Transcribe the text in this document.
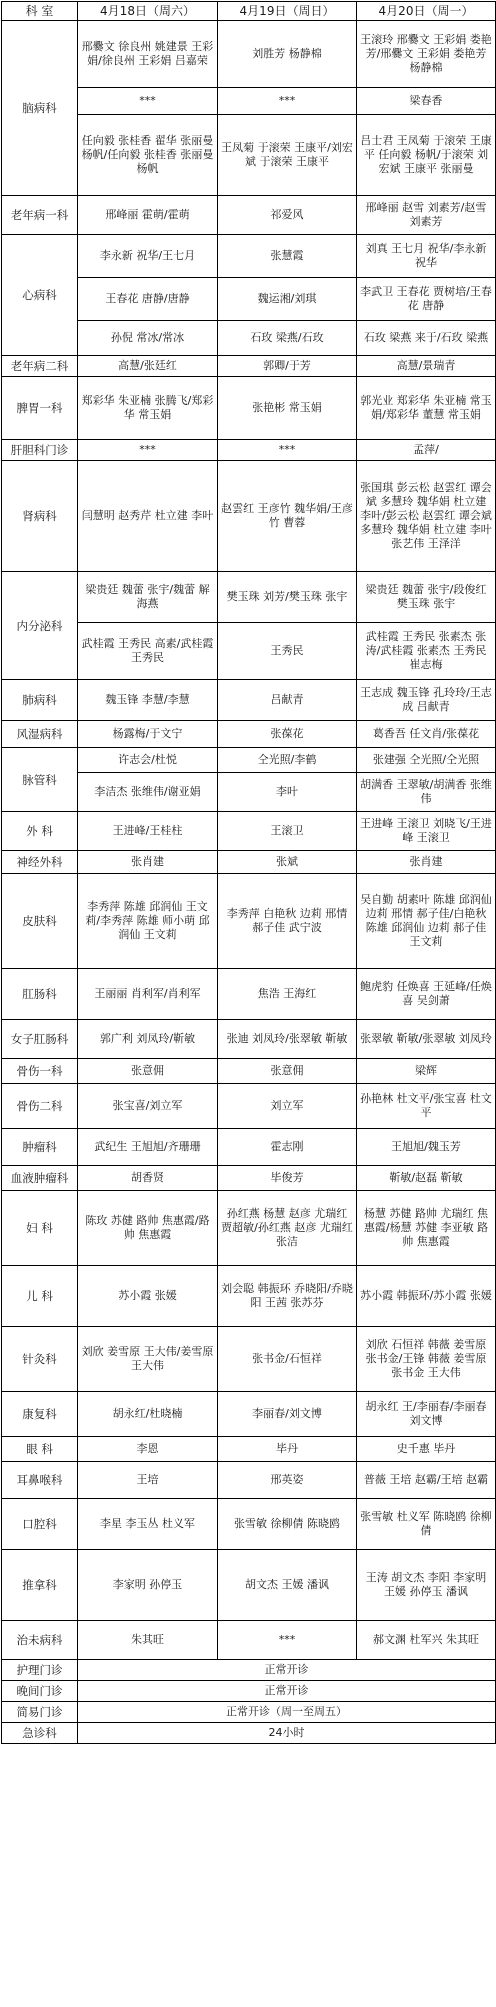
科 室	4月18日（周六）	4月19日（周日）	4月20日（周一）
脑病科	邢爨文 徐良州 姚建景 王彩娟/徐良州 王彩娟 吕嘉荣	刘胜芳 杨静棉	王滚玲 邢爨文 王彩娟 娄艳芳/邢爨文 王彩娟 娄艳芳 杨静棉
	***	***	梁春香
	任向毅 张桂香 翟华 张丽曼 杨帆/任向毅 张桂香 张丽曼 杨帆	王凤菊 于滚荣 王康平/刘宏斌 于滚荣 王康平	吕士君 王凤菊 于滚荣 王康平 任向毅 杨帆/于滚荣 刘宏斌 王康平 张丽曼
老年病一科	邢峰丽 霍萌/霍萌	祁爱风	邢峰丽 赵雪 刘素芳/赵雪 刘素芳
心病科	李永新 祝华/王七月	张慧霞	刘真 王七月 祝华/李永新 祝华
	王春花 唐静/唐静	魏运湘/刘琪	李武卫 王春花 贾树培/王春花 唐静
	孙倪 常冰/常冰	石玫 梁燕/石玫	石玫 梁燕 来于/石玫 梁燕
老年病二科	高慧/张廷红	郭卿/于芳	高慧/景瑞青
脾胃一科	郑彩华 朱亚楠 张腾飞/郑彩华 常玉娟	张艳彬 常玉娟	郭光业 郑彩华 朱亚楠 常玉娟/郑彩华 董慧 常玉娟
肝胆科门诊	***	***	孟萍/
肾病科	闫慧明 赵秀芹 杜立建 李叶	赵雲红 王彦竹 魏华娟/王彦竹 曹蓉	张国琪 彭云松 赵雲红 谭会斌 多慧玲 魏华娟 杜立建 李叶/彭云松 赵雲红 谭会斌 多慧玲 魏华娟 杜立建 李叶 张艺伟 王泽洋
内分泌科	梁贵廷 魏蕾 张宇/魏蕾 解海燕	樊玉珠 刘芳/樊玉珠 张宇	梁贵廷 魏蕾 张宇/段俊红 樊玉珠 张宇
	武桂霞 王秀民 高素/武桂霞 王秀民	王秀民	武桂霞 王秀民 张素杰 张涛/武桂霞 张素杰 王秀民 崔志梅
肺病科	魏玉锋 李慧/李慧	吕献青	王志成 魏玉锋 孔玲玲/王志成 吕献青
风湿病科	杨露梅/于文宁	张葆花	葛香吾 任文肖/张葆花
脉管科	许志会/杜悦	仝光照/李鹤	张建强 仝光照/仝光照
	李洁杰 张维伟/谢亚娟	李叶	胡满香 王翠敏/胡满香 张维伟
外 科	王进峰/王桂柱	王滚卫	王进峰 王滚卫 刘晓飞/王进峰 王滚卫
神经外科	张肖建	张斌	张肖建
皮肤科	李秀萍 陈雄 邱润仙 王文莉/李秀萍 陈雄 师小萌 邱润仙 王文莉	李秀萍 白艳秋 边莉 邢情 郝子佳 武宁波	吴自勤 胡素叶 陈雄 邱润仙 边莉 邢情 郝子佳/白艳秋 陈雄 邱润仙 边莉 郝子佳 王文莉
肛肠科	王丽丽 肖利军/肖利军	焦浩 王海红	鲍虎豹 任焕喜 王延峰/任焕喜 吴剑萧
女子肛肠科	郭广利 刘凤玲/靳敏	张迪 刘凤玲/张翠敏 靳敏	张翠敏 靳敏/张翠敏 刘凤玲
骨伤一科	张意佣	张意佣	梁辉
骨伤二科	张宝喜/刘立军	刘立军	孙艳林 杜文平/张宝喜 杜文平
肿瘤科	武纪生 王旭旭/齐珊珊	霍志刚	王旭旭/魏玉芳
血液肿瘤科	胡香贤	毕俊芳	靳敏/赵磊 靳敏
妇 科	陈玫 苏健 路帅 焦惠霞/路帅 焦惠霞	孙红燕 杨慧 赵彦 尤瑞红 贾超敏/孙红燕 赵彦 尤瑞红 张洁	杨慧 苏健 路帅 尤瑞红 焦惠霞/杨慧 苏健 李亚敏 路帅 焦惠霞
儿 科	苏小霞 张媛	刘会聪 韩振环 乔晓阳/乔晓阳 王茜 张苏芬	苏小霞 韩振环/苏小霞 张媛
针灸科	刘欣 姜雪原 王大伟/姜雪原 王大伟	张书金/石恒祥	刘欣 石恒祥 韩薇 姜雪原 张书金/王锋 韩薇 姜雪原 张书金 王大伟
康复科	胡永红/杜晓楠	李丽春/刘文博	胡永红 王/李丽春/李丽春 刘文博
眼 科	李恩	毕丹	史千惠 毕丹
耳鼻喉科	王培	邢英姿	普薇 王培 赵霸/王培 赵霸
口腔科	李星 李玉丛 杜义军	张雪敏 徐柳倩 陈晓鸥	张雪敏 杜义军 陈晓鸥 徐柳倩
推拿科	李家明 孙停玉	胡文杰 王媛 潘讽	王涛 胡文杰 李阳 李家明 王媛 孙停玉 潘讽
治未病科	朱其旺	***	郝文渊 杜军兴 朱其旺
护理门诊	正常开诊		
晚间门诊	正常开诊		
简易门诊	正常开诊（周一至周五）		
急诊科	24小时		
